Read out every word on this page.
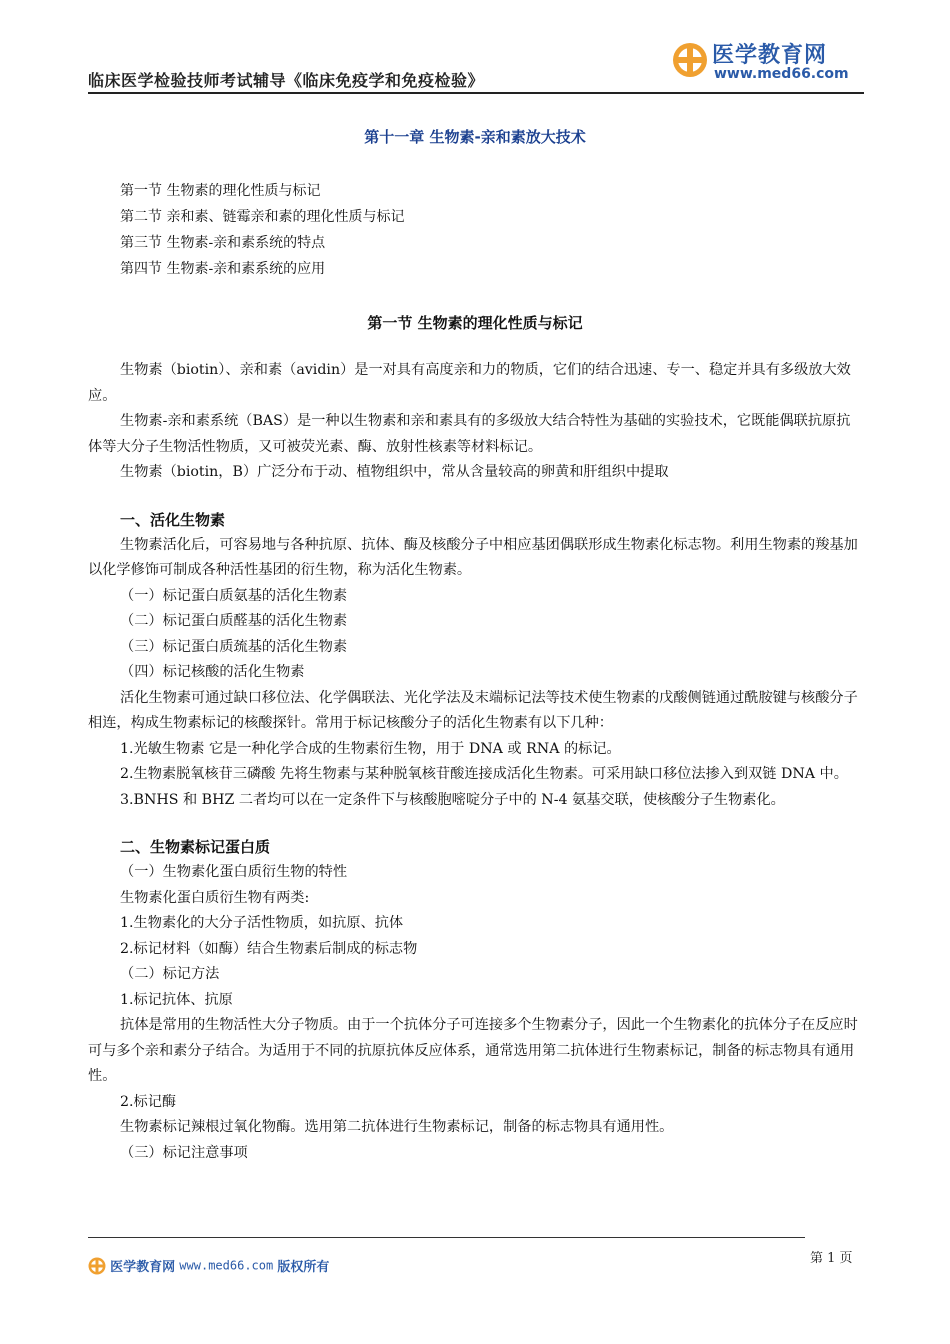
临床医学检验技师考试辅导《临床免疫学和免疫检验》
医学教育网
www.med66.com
第十一章 生物素-亲和素放大技术
第一节 生物素的理化性质与标记
第二节 亲和素、链霉亲和素的理化性质与标记
第三节 生物素-亲和素系统的特点
第四节 生物素-亲和素系统的应用
第一节 生物素的理化性质与标记

生物素（biotin）、亲和素（avidin）是一对具有高度亲和力的物质，它们的结合迅速、专一、稳定并具有多级放大效应。

生物素-亲和素系统（BAS）是一种以生物素和亲和素具有的多级放大结合特性为基础的实验技术，它既能偶联抗原抗体等大分子生物活性物质，又可被荧光素、酶、放射性核素等材料标记。

生物素（biotin，B）广泛分布于动、植物组织中，常从含量较高的卵黄和肝组织中提取

一、活化生物素

生物素活化后，可容易地与各种抗原、抗体、酶及核酸分子中相应基团偶联形成生物素化标志物。利用生物素的羧基加以化学修饰可制成各种活性基团的衍生物，称为活化生物素。

（一）标记蛋白质氨基的活化生物素

（二）标记蛋白质醛基的活化生物素

（三）标记蛋白质巯基的活化生物素

（四）标记核酸的活化生物素

活化生物素可通过缺口移位法、化学偶联法、光化学法及末端标记法等技术使生物素的戊酸侧链通过酰胺键与核酸分子相连，构成生物素标记的核酸探针。常用于标记核酸分子的活化生物素有以下几种：

1.光敏生物素 它是一种化学合成的生物素衍生物，用于 DNA 或 RNA 的标记。

2.生物素脱氧核苷三磷酸 先将生物素与某种脱氧核苷酸连接成活化生物素。可采用缺口移位法掺入到双链 DNA 中。

3.BNHS 和 BHZ 二者均可以在一定条件下与核酸胞嘧啶分子中的 N-4 氨基交联，使核酸分子生物素化。

二、生物素标记蛋白质

（一）生物素化蛋白质衍生物的特性

生物素化蛋白质衍生物有两类:

1.生物素化的大分子活性物质，如抗原、抗体

2.标记材料（如酶）结合生物素后制成的标志物

（二）标记方法

1.标记抗体、抗原

抗体是常用的生物活性大分子物质。由于一个抗体分子可连接多个生物素分子，因此一个生物素化的抗体分子在反应时可与多个亲和素分子结合。为适用于不同的抗原抗体反应体系，通常选用第二抗体进行生物素标记，制备的标志物具有通用性。

2.标记酶

生物素标记辣根过氧化物酶。选用第二抗体进行生物素标记，制备的标志物具有通用性。

（三）标记注意事项

医学教育网 www.med66.com 版权所有
第 1 页
